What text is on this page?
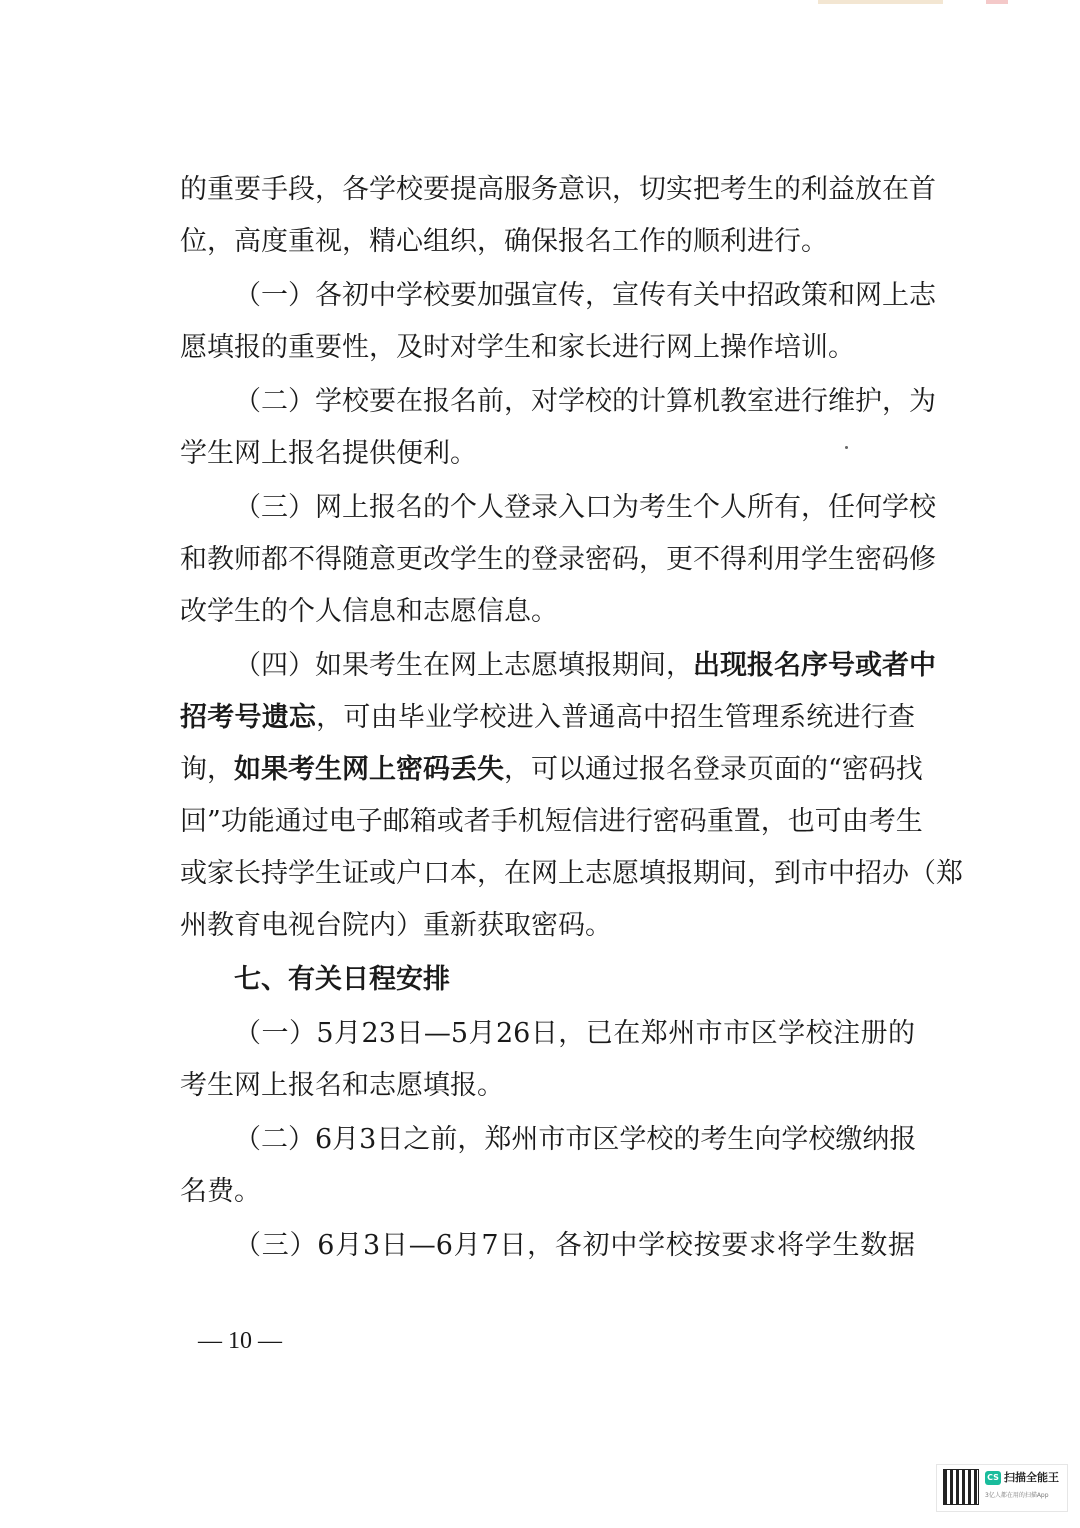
的重要手段，各学校要提高服务意识，切实把考生的利益放在首
位，高度重视，精心组织，确保报名工作的顺利进行。
（一）各初中学校要加强宣传，宣传有关中招政策和网上志
愿填报的重要性，及时对学生和家长进行网上操作培训。
（二）学校要在报名前，对学校的计算机教室进行维护，为
学生网上报名提供便利。
（三）网上报名的个人登录入口为考生个人所有，任何学校
和教师都不得随意更改学生的登录密码，更不得利用学生密码修
改学生的个人信息和志愿信息。
（四）如果考生在网上志愿填报期间，出现报名序号或者中
招考号遗忘，可由毕业学校进入普通高中招生管理系统进行查
询，如果考生网上密码丢失，可以通过报名登录页面的“密码找
回”功能通过电子邮箱或者手机短信进行密码重置，也可由考生
或家长持学生证或户口本，在网上志愿填报期间，到市中招办（郑
州教育电视台院内）重新获取密码。
七、有关日程安排
（一）5月23日—5月26日，已在郑州市市区学校注册的
考生网上报名和志愿填报。
（二）6月3日之前，郑州市市区学校的考生向学校缴纳报
名费。
（三）6月3日—6月7日，各初中学校按要求将学生数据
— 10 —
CS 扫描全能王
3亿人都在用的扫描App
